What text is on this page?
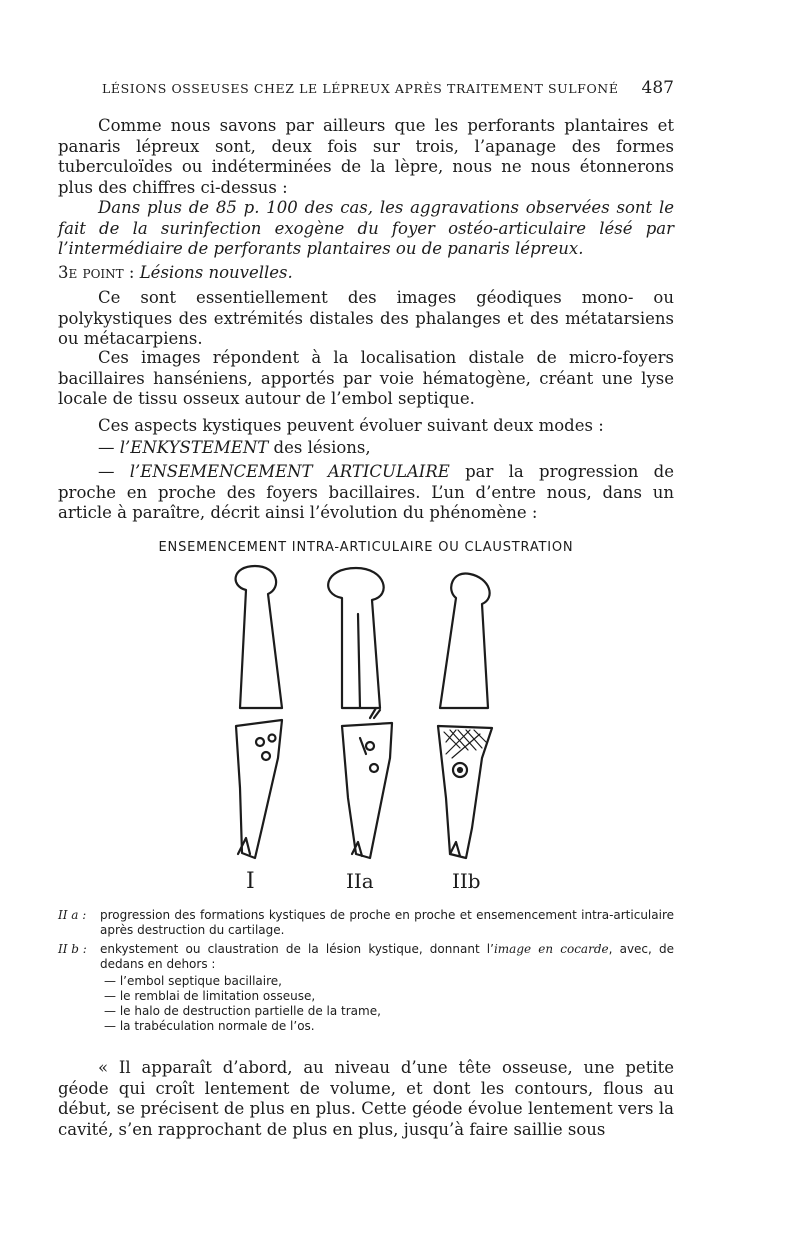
LÉSIONS OSSEUSES CHEZ LE LÉPREUX APRÈS TRAITEMENT SULFONÉ 487

Comme nous savons par ailleurs que les perforants plantaires et panaris lépreux sont, deux fois sur trois, l’apanage des formes tuberculoïdes ou indéterminées de la lèpre, nous ne nous étonnerons plus des chiffres ci-dessus :

Dans plus de 85 p. 100 des cas, les aggravations observées sont le fait de la surinfection exogène du foyer ostéo-articulaire lésé par l’intermédiaire de perforants plantaires ou de panaris lépreux.

3e point : Lésions nouvelles.

Ce sont essentiellement des images géodiques mono- ou polykystiques des extrémités distales des phalanges et des métatarsiens ou métacarpiens.

Ces images répondent à la localisation distale de micro-foyers bacillaires hanséniens, apportés par voie hématogène, créant une lyse locale de tissu osseux autour de l’embol septique.

Ces aspects kystiques peuvent évoluer suivant deux modes :

— l’ENKYSTEMENT des lésions,

— l’ENSEMENCEMENT ARTICULAIRE par la progression de proche en proche des foyers bacillaires. L’un d’entre nous, dans un article à paraître, décrit ainsi l’évolution du phénomène :

ENSEMENCEMENT INTRA-ARTICULAIRE OU CLAUSTRATION
I	IIa	IIb
II a :	progression des formations kystiques de proche en proche et ensemencement intra-articulaire après destruction du cartilage.
II b :	enkystement ou claustration de la lésion kystique, donnant l’image en cocarde, avec, de dedans en dehors :
— l’embol septique bacillaire,
— le remblai de limitation osseuse,
— le halo de destruction partielle de la trame,
— la trabéculation normale de l’os.

« Il apparaît d’abord, au niveau d’une tête osseuse, une petite géode qui croît lentement de volume, et dont les contours, flous au début, se précisent de plus en plus. Cette géode évolue lentement vers la cavité, s’en rapprochant de plus en plus, jusqu’à faire saillie sous
